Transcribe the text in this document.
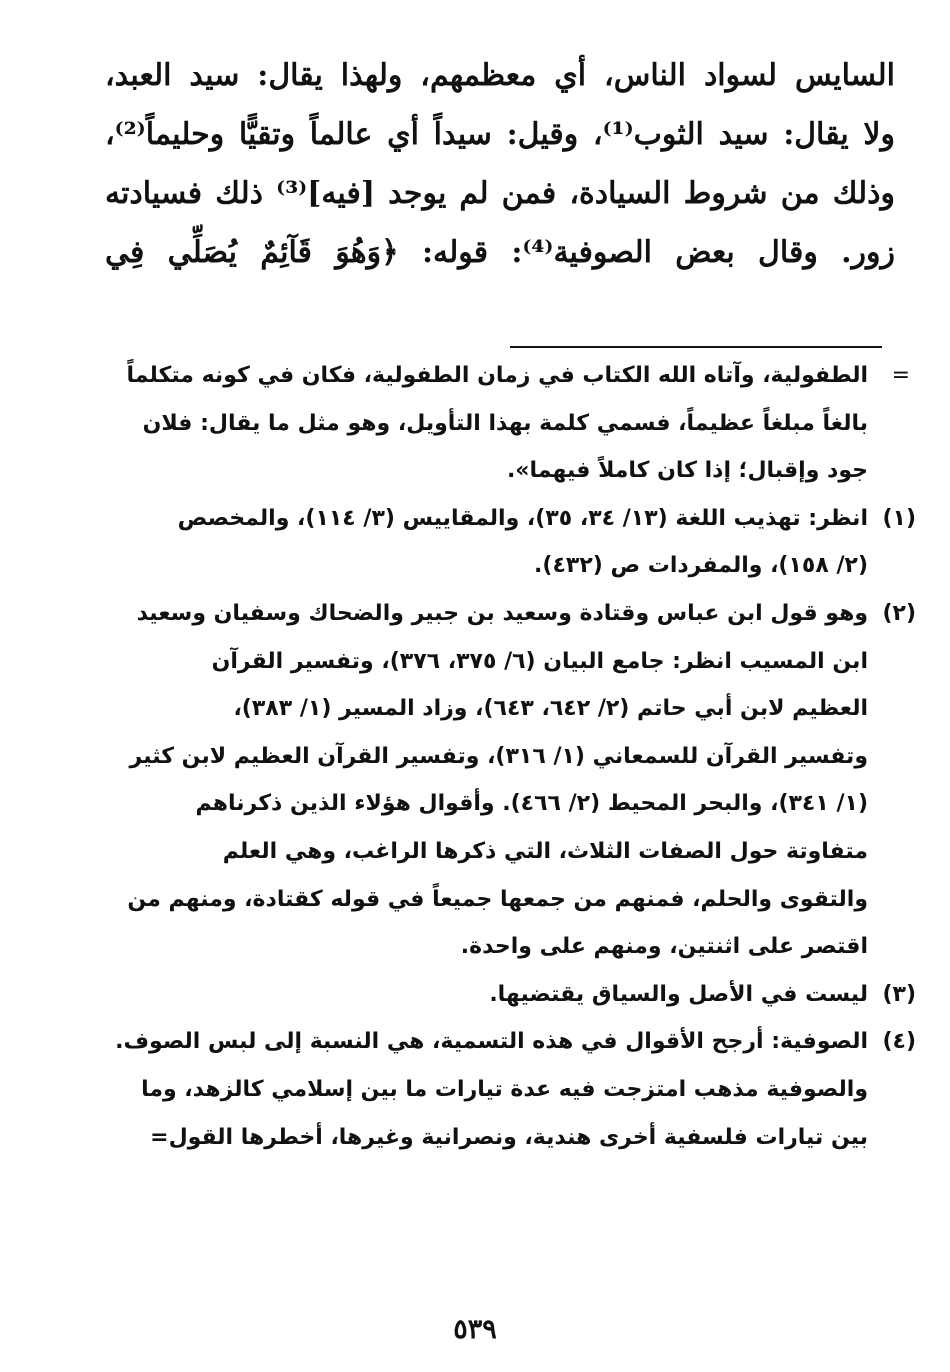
السايس لسواد الناس، أي معظمهم، ولهذا يقال: سيد العبد،

ولا يقال: سيد الثوب⁽¹⁾، وقيل: سيداً أي عالماً وتقيًّا وحليماً⁽²⁾،

وذلك من شروط السيادة، فمن لم يوجد [فيه]⁽³⁾ ذلك فسيادته

زور. وقال بعض الصوفية⁽⁴⁾: قوله: ﴿وَهُوَ قَآئِمٌ يُصَلِّي فِي

=
الطفولية، وآتاه الله الكتاب في زمان الطفولية، فكان في كونه متكلماً
بالغاً مبلغاً عظيماً، فسمي كلمة بهذا التأويل، وهو مثل ما يقال: فلان
جود وإقبال؛ إذا كان كاملاً فيهما».
(١)
انظر: تهذيب اللغة (١٣/ ٣٤، ٣٥)، والمقاييس (٣/ ١١٤)، والمخصص
(٢/ ١٥٨)، والمفردات ص (٤٣٢).
(٢)
وهو قول ابن عباس وقتادة وسعيد بن جبير والضحاك وسفيان وسعيد
ابن المسيب انظر: جامع البيان (٦/ ٣٧٥، ٣٧٦)، وتفسير القرآن
العظيم لابن أبي حاتم (٢/ ٦٤٢، ٦٤٣)، وزاد المسير (١/ ٣٨٣)،
وتفسير القرآن للسمعاني (١/ ٣١٦)، وتفسير القرآن العظيم لابن كثير
(١/ ٣٤١)، والبحر المحيط (٢/ ٤٦٦). وأقوال هؤلاء الذين ذكرناهم
متفاوتة حول الصفات الثلاث، التي ذكرها الراغب، وهي العلم
والتقوى والحلم، فمنهم من جمعها جميعاً في قوله كقتادة، ومنهم من
اقتصر على اثنتين، ومنهم على واحدة.
(٣)
ليست في الأصل والسياق يقتضيها.
(٤)
الصوفية: أرجح الأقوال في هذه التسمية، هي النسبة إلى لبس الصوف.
والصوفية مذهب امتزجت فيه عدة تيارات ما بين إسلامي كالزهد، وما
بين تيارات فلسفية أخرى هندية، ونصرانية وغيرها، أخطرها القول=
٥٣٩
